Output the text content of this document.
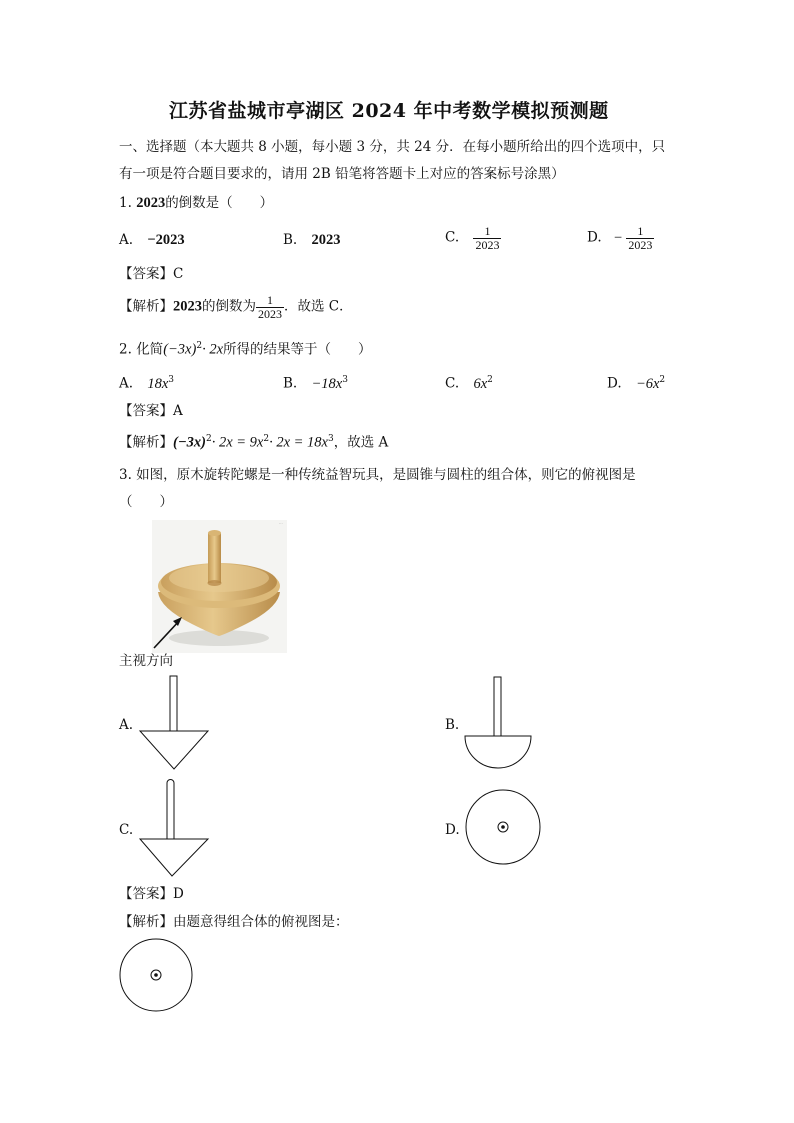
江苏省盐城市亭湖区 2024 年中考数学模拟预测题
一、选择题（本大题共 8 小题，每小题 3 分，共 24 分．在每小题所给出的四个选项中，只
有一项是符合题目要求的，请用 2B 铅笔将答题卡上对应的答案标号涂黑）
1. 2023的倒数是（　　）
A. −2023	B. 2023	C. $\frac{1}{2023}$	D. − $\frac{1}{2023}$
【答案】C
【解析】2023的倒数为 $\frac{1}{2023}$ ．故选 C．
2. 化简$(-3x)^2\cdot 2x$所得的结果等于（　　）
A. $18x^3$	B. $-18x^3$	C. $6x^2$	D. $-6x^2$
【答案】A
【解析】$(-3x)^2\cdot 2x = 9x^2\cdot 2x = 18x^3$，故选 A
3. 如图，原木旋转陀螺是一种传统益智玩具，是圆锥与圆柱的组合体，则它的俯视图是
（　　）
...
主视方向
A.	B.
C.	D.
【答案】D
【解析】由题意得组合体的俯视图是：
